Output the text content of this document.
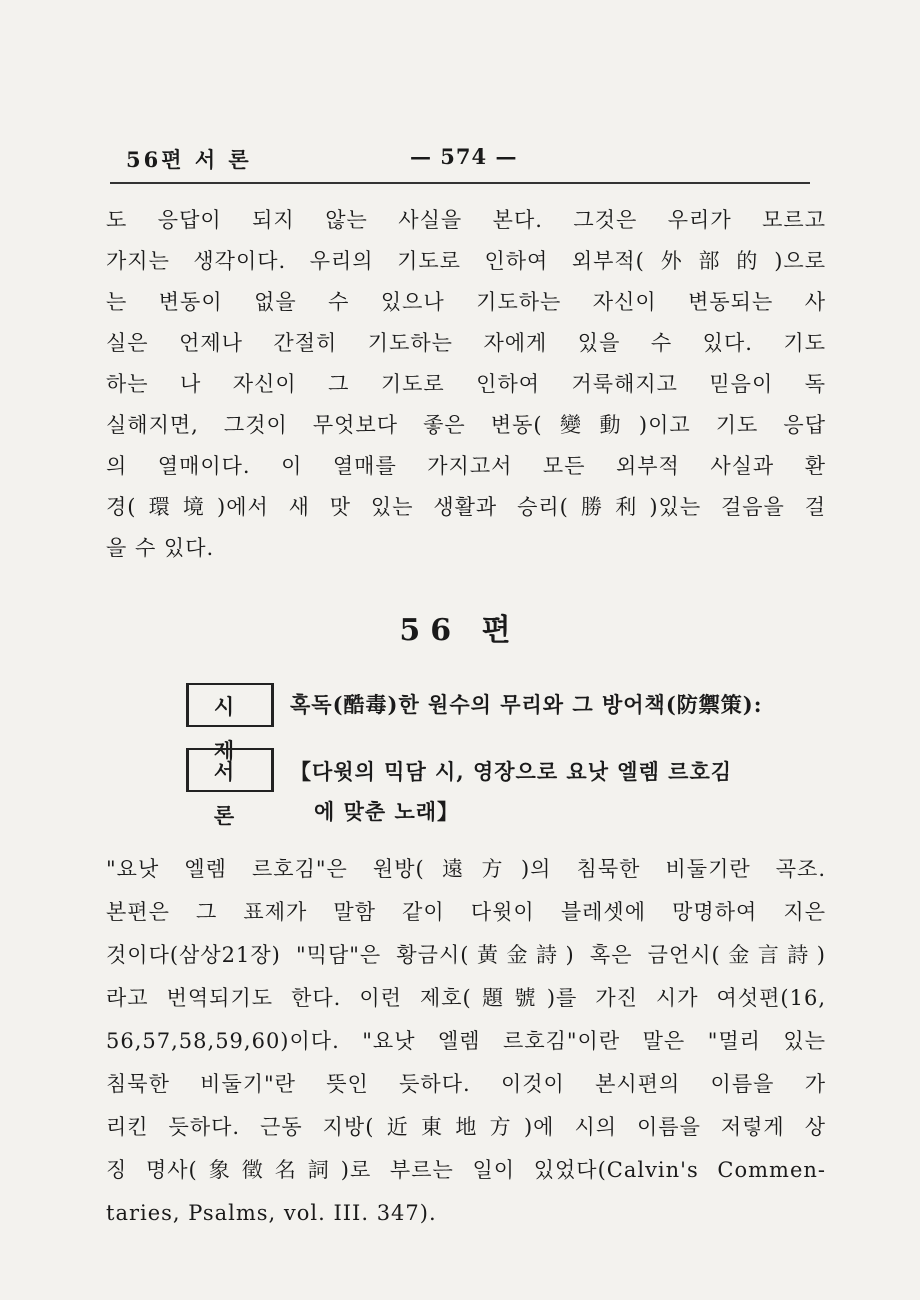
56편 서 론	— 574 —
도 응답이 되지 않는 사실을 본다. 그것은 우리가 모르고
가지는 생각이다. 우리의 기도로 인하여 외부적(外部的)으로
는 변동이 없을 수 있으나 기도하는 자신이 변동되는 사
실은 언제나 간절히 기도하는 자에게 있을 수 있다. 기도
하는 나 자신이 그 기도로 인하여 거룩해지고 믿음이 독
실해지면, 그것이 무엇보다 좋은 변동(變動)이고 기도 응답
의 열매이다. 이 열매를 가지고서 모든 외부적 사실과 환
경(環境)에서 새 맛 있는 생활과 승리(勝利)있는 걸음을 걸
을 수 있다.
56 편
시 제
혹독(酷毒)한 원수의 무리와 그 방어책(防禦策):
서 론
【다윗의 믹담 시, 영장으로 요낫 엘렘 르호김
에 맞춘 노래】
"요낫 엘렘 르호김"은 원방(遠方)의 침묵한 비둘기란 곡조.
본편은 그 표제가 말함 같이 다윗이 블레셋에 망명하여 지은
것이다(삼상21장) "믹담"은 황금시(黃金詩) 혹은 금언시(金言詩)
라고 번역되기도 한다. 이런 제호(題號)를 가진 시가 여섯편(16,
56,57,58,59,60)이다. "요낫 엘렘 르호김"이란 말은 "멀리 있는
침묵한 비둘기"란 뜻인 듯하다. 이것이 본시편의 이름을 가
리킨 듯하다. 근동 지방(近東地方)에 시의 이름을 저렇게 상
징 명사(象徵名詞)로 부르는 일이 있었다(Calvin's Commen-
taries, Psalms, vol. III. 347).
